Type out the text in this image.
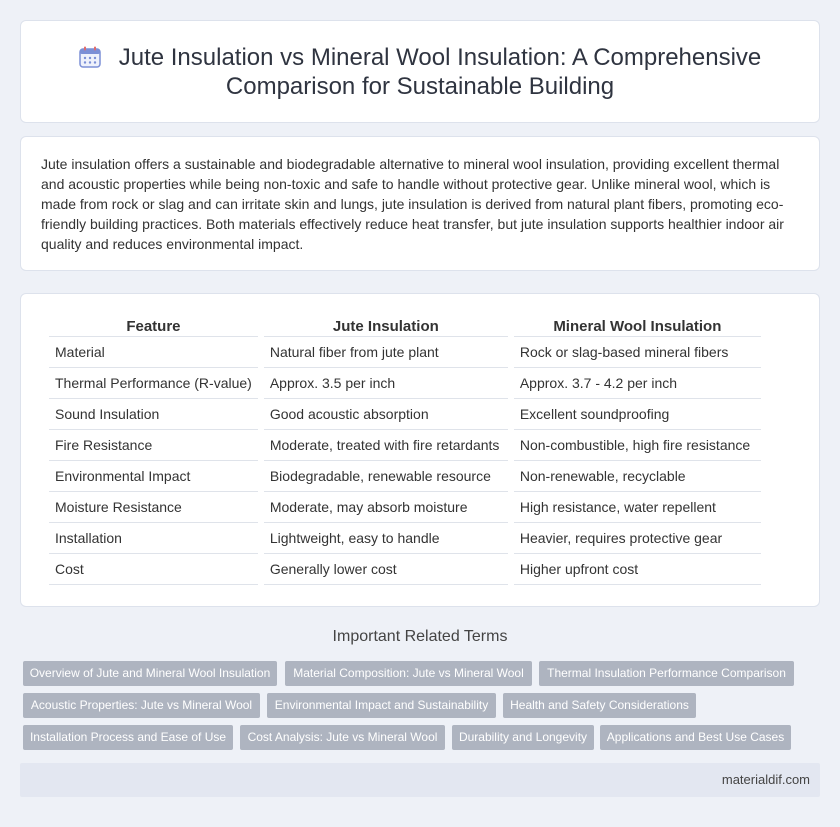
Jute Insulation vs Mineral Wool Insulation: A Comprehensive Comparison for Sustainable Building

Jute insulation offers a sustainable and biodegradable alternative to mineral wool insulation, providing excellent thermal and acoustic properties while being non-toxic and safe to handle without protective gear. Unlike mineral wool, which is made from rock or slag and can irritate skin and lungs, jute insulation is derived from natural plant fibers, promoting eco-friendly building practices. Both materials effectively reduce heat transfer, but jute insulation supports healthier indoor air quality and reduces environmental impact.

Feature	Jute Insulation	Mineral Wool Insulation
Material	Natural fiber from jute plant	Rock or slag-based mineral fibers
Thermal Performance (R-value)	Approx. 3.5 per inch	Approx. 3.7 - 4.2 per inch
Sound Insulation	Good acoustic absorption	Excellent soundproofing
Fire Resistance	Moderate, treated with fire retardants	Non-combustible, high fire resistance
Environmental Impact	Biodegradable, renewable resource	Non-renewable, recyclable
Moisture Resistance	Moderate, may absorb moisture	High resistance, water repellent
Installation	Lightweight, easy to handle	Heavier, requires protective gear
Cost	Generally lower cost	Higher upfront cost
Important Related Terms
Overview of Jute and Mineral Wool Insulation	Material Composition: Jute vs Mineral Wool	Thermal Insulation Performance Comparison
Acoustic Properties: Jute vs Mineral Wool	Environmental Impact and Sustainability	Health and Safety Considerations
Installation Process and Ease of Use	Cost Analysis: Jute vs Mineral Wool	Durability and Longevity	Applications and Best Use Cases
materialdif.com
